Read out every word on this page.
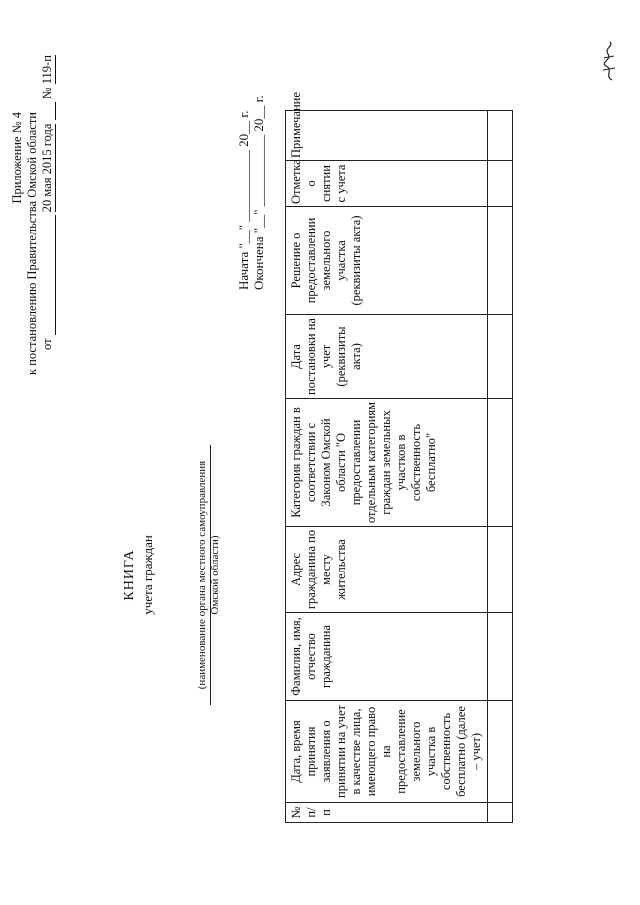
Приложение № 4 к постановлению Правительства Омской области от   20 мая 2015 года   № 119-п
КНИГА учета граждан
	(наименование органа местного самоуправления Омской области)
Начата "__" ___________ 20__ г. Окончена "__" ___________ 20__ г.
№ п/п	Дата, время принятия заявления о принятии на учет в качестве лица, имеющего право на предоставление земельного участка в собственность бесплатно (далее – учет)	Фамилия, имя, отчество гражданина	Адрес гражданина по месту жительства	Категория граждан в соответствии с Законом Омской области "О предоставлении отдельным категориям граждан земельных участков в собственность бесплатно"	Дата постановки на учет (реквизиты акта)	Решение о предоставлении земельного участка (реквизиты акта)	Отметка о снятии с учета	Примечание
